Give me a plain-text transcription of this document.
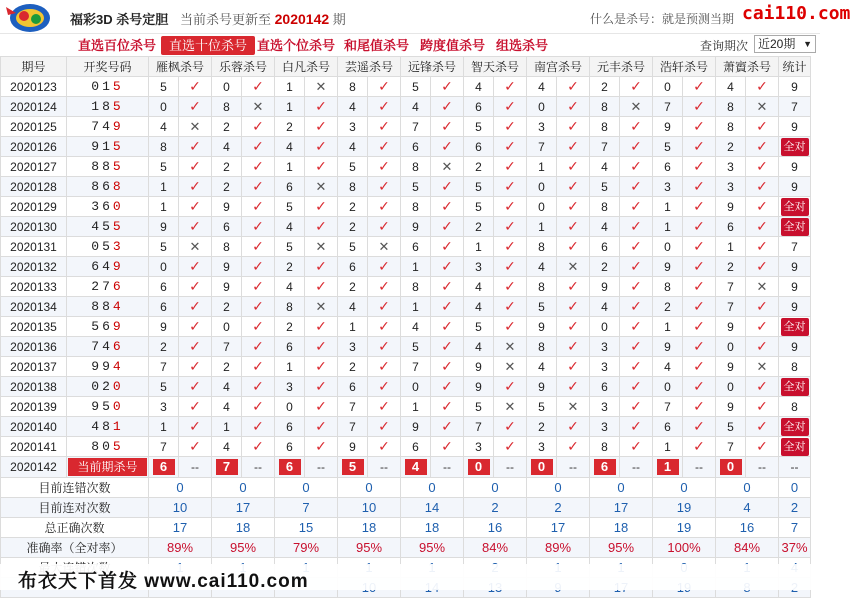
福彩3D 杀号定胆 当前杀号更新至 2020142 期	什么是杀号：就是预测当期 cai110.com
直选百位杀号 直选十位杀号 直选个位杀号 和尾值杀号 跨度值杀号 组选杀号	查询期次 近20期 ▼
期号	开奖号码	雁枫杀号		乐蓉杀号		白凡杀号		芸遥杀号		远锋杀号		智天杀号		南宫杀号		元丰杀号		浩轩杀号		萧賨杀号		统计
2020123	015	5	✓	0	✓	1	✕	8	✓	5	✓	4	✓	4	✓	2	✓	0	✓	4	✓	9
2020124	185	0	✓	8	✕	1	✓	4	✓	4	✓	6	✓	0	✓	8	✕	7	✓	8	✕	7
2020125	749	4	✕	2	✓	2	✓	3	✓	7	✓	5	✓	3	✓	8	✓	9	✓	8	✓	9
2020126	915	8	✓	4	✓	4	✓	4	✓	6	✓	6	✓	7	✓	7	✓	5	✓	2	✓	全对
2020127	885	5	✓	2	✓	1	✓	5	✓	8	✕	2	✓	1	✓	4	✓	6	✓	3	✓	9
2020128	868	1	✓	2	✓	6	✕	8	✓	5	✓	5	✓	0	✓	5	✓	3	✓	3	✓	9
2020129	360	1	✓	9	✓	5	✓	2	✓	8	✓	5	✓	0	✓	8	✓	1	✓	9	✓	全对
2020130	455	9	✓	6	✓	4	✓	2	✓	9	✓	2	✓	1	✓	4	✓	1	✓	6	✓	全对
2020131	053	5	✕	8	✓	5	✕	5	✕	6	✓	1	✓	8	✓	6	✓	0	✓	1	✓	7
2020132	649	0	✓	9	✓	2	✓	6	✓	1	✓	3	✓	4	✕	2	✓	9	✓	2	✓	9
2020133	276	6	✓	9	✓	4	✓	2	✓	8	✓	4	✓	8	✓	9	✓	8	✓	7	✕	9
2020134	884	6	✓	2	✓	8	✕	4	✓	1	✓	4	✓	5	✓	4	✓	2	✓	7	✓	9
2020135	569	9	✓	0	✓	2	✓	1	✓	4	✓	5	✓	9	✓	0	✓	1	✓	9	✓	全对
2020136	746	2	✓	7	✓	6	✓	3	✓	5	✓	4	✕	8	✓	3	✓	9	✓	0	✓	9
2020137	994	7	✓	2	✓	1	✓	2	✓	7	✓	9	✕	4	✓	3	✓	4	✓	9	✕	8
2020138	020	5	✓	4	✓	3	✓	6	✓	0	✓	9	✓	9	✓	6	✓	0	✓	0	✓	全对
2020139	950	3	✓	4	✓	0	✓	7	✓	1	✓	5	✕	5	✕	3	✓	7	✓	9	✓	8
2020140	481	1	✓	1	✓	6	✓	7	✓	9	✓	7	✓	2	✓	3	✓	6	✓	5	✓	全对
2020141	805	7	✓	4	✓	6	✓	9	✓	6	✓	3	✓	3	✓	8	✓	1	✓	7	✓	全对
2020142	当前期杀号	6	--	7	--	6	--	5	--	4	--	0	--	0	--	6	--	1	--	0	--	--
目前连错次数		0		0		0		0		0		0		0		0		0		0		0
目前连对次数		10		17		7		10		14		2		2		17		19		4		2
总正确次数		17		18		15		18		18		16		17		18		19		16		7
准确率（全对率）		89%		95%		79%		95%		95%		84%		89%		95%		100%		84%		37%

布衣天下首发 www.cai110.com
